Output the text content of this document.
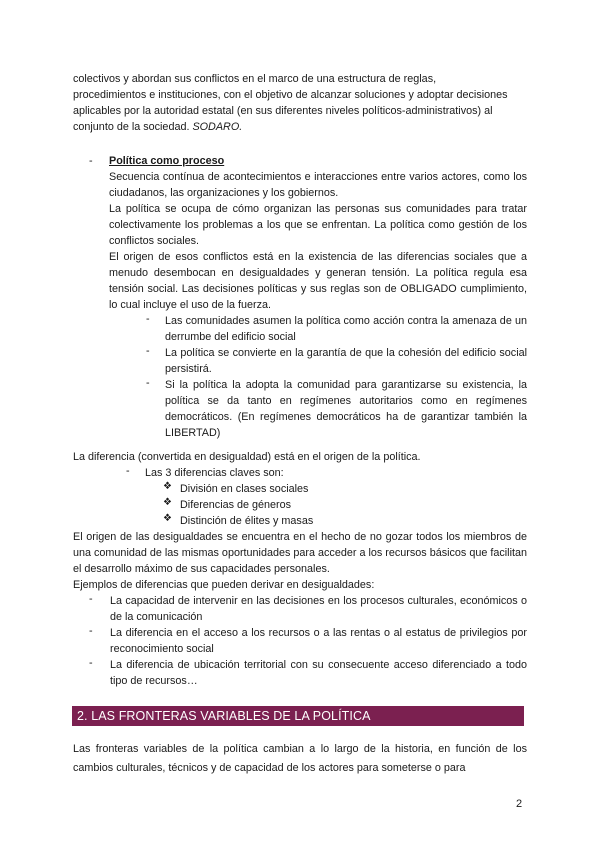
colectivos y abordan sus conflictos en el marco de una estructura de reglas,

procedimientos e instituciones, con el objetivo de alcanzar soluciones y adoptar decisiones

aplicables por la autoridad estatal (en sus diferentes niveles políticos-administrativos) al

conjunto de la sociedad. SODARO.

-	Política como proceso

Secuencia contínua de acontecimientos e interacciones entre varios actores, como los ciudadanos, las organizaciones y los gobiernos.

La política se ocupa de cómo organizan las personas sus comunidades para tratar colectivamente los problemas a los que se enfrentan. La política como gestión de los conflictos sociales.

El origen de esos conflictos está en la existencia de las diferencias sociales que a menudo desembocan en desigualdades y generan tensión. La política regula esa tensión social. Las decisiones políticas y sus reglas son de OBLIGADO cumplimiento, lo cual incluye el uso de la fuerza.

-	Las comunidades asumen la política como acción contra la amenaza de un derrumbe del edificio social
-	La política se convierte en la garantía de que la cohesión del edificio social persistirá.
-	Si la política la adopta la comunidad para garantizarse su existencia, la política se da tanto en regímenes autoritarios como en regímenes democráticos. (En regímenes democráticos ha de garantizar también la LIBERTAD)

La diferencia (convertida en desigualdad) está en el origen de la política.

-	Las 3 diferencias claves son:
❖ División en clases sociales
❖ Diferencias de géneros
❖ Distinción de élites y masas

El origen de las desigualdades se encuentra en el hecho de no gozar todos los miembros de una comunidad de las mismas oportunidades para acceder a los recursos básicos que facilitan el desarrollo máximo de sus capacidades personales.

Ejemplos de diferencias que pueden derivar en desigualdades:

-	La capacidad de intervenir en las decisiones en los procesos culturales, económicos o de la comunicación
-	La diferencia en el acceso a los recursos o a las rentas o al estatus de privilegios por reconocimiento social
-	La diferencia de ubicación territorial con su consecuente acceso diferenciado a todo tipo de recursos…
2. LAS FRONTERAS VARIABLES DE LA POLÍTICA

Las fronteras variables de la política cambian a lo largo de la historia, en función de los cambios culturales, técnicos y de capacidad de los actores para someterse o para

2
